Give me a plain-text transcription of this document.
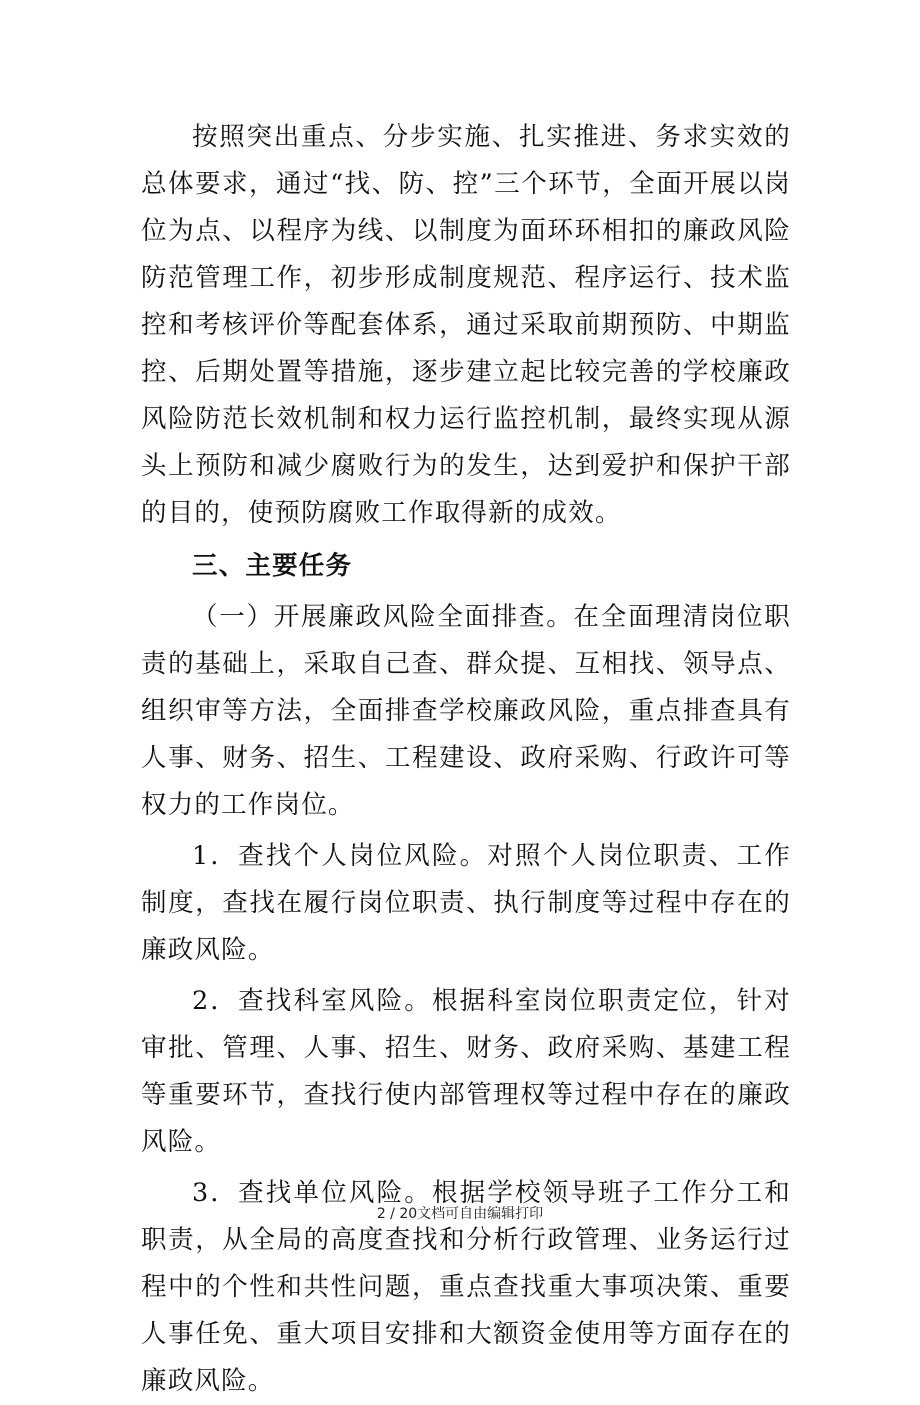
按照突出重点、分步实施、扎实推进、务求实效的总体要求，通过“找、防、控”三个环节，全面开展以岗位为点、以程序为线、以制度为面环环相扣的廉政风险防范管理工作，初步形成制度规范、程序运行、技术监控和考核评价等配套体系，通过采取前期预防、中期监控、后期处置等措施，逐步建立起比较完善的学校廉政风险防范长效机制和权力运行监控机制，最终实现从源头上预防和减少腐败行为的发生，达到爱护和保护干部的目的，使预防腐败工作取得新的成效。

三、主要任务

（一）开展廉政风险全面排查。在全面理清岗位职责的基础上，采取自己查、群众提、互相找、领导点、组织审等方法，全面排查学校廉政风险，重点排查具有人事、财务、招生、工程建设、政府采购、行政许可等权力的工作岗位。

1．查找个人岗位风险。对照个人岗位职责、工作制度，查找在履行岗位职责、执行制度等过程中存在的廉政风险。

2．查找科室风险。根据科室岗位职责定位，针对审批、管理、人事、招生、财务、政府采购、基建工程等重要环节，查找行使内部管理权等过程中存在的廉政风险。

3．查找单位风险。根据学校领导班子工作分工和职责，从全局的高度查找和分析行政管理、业务运行过程中的个性和共性问题，重点查找重大事项决策、重要人事任免、重大项目安排和大额资金使用等方面存在的廉政风险。

2 / 20文档可自由编辑打印
